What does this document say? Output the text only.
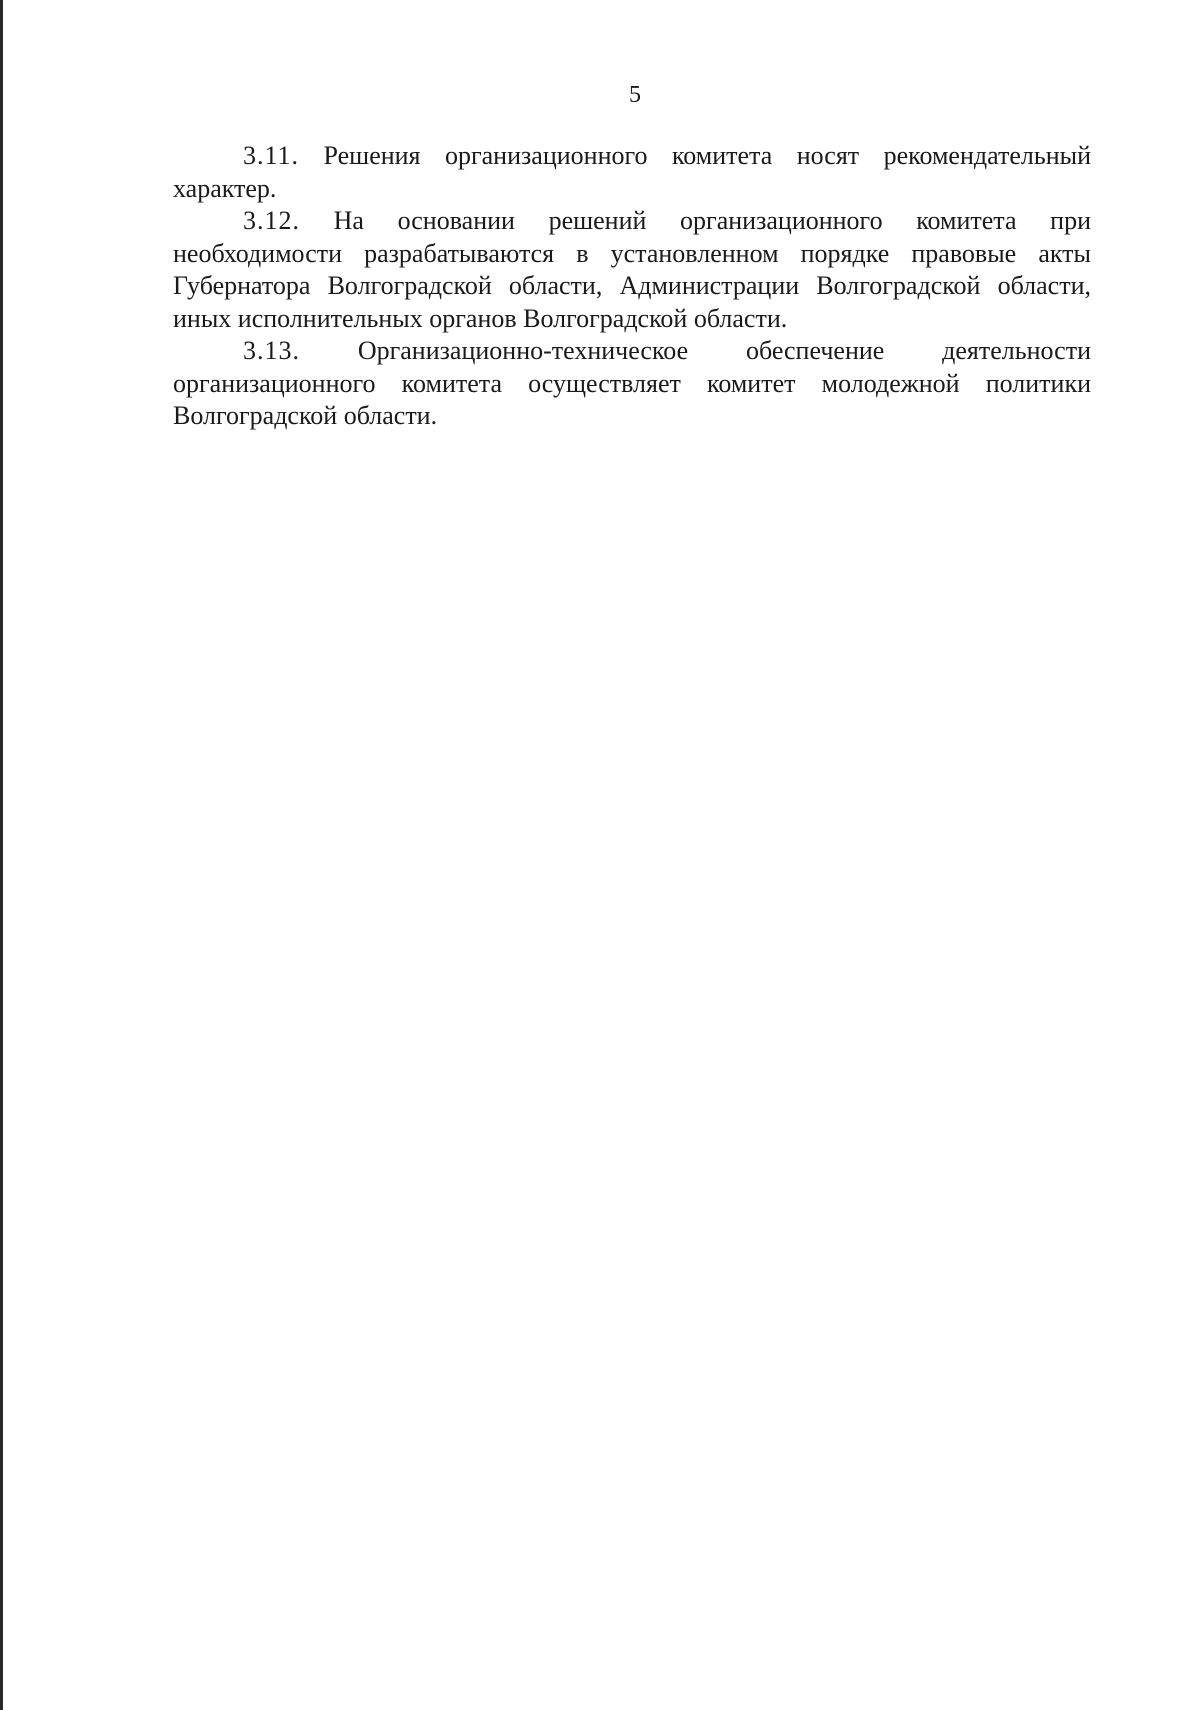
5

3.11. Решения организационного комитета носят рекомендательный характер.

3.12. На основании решений организационного комитета при необходимости разрабатываются в установленном порядке правовые акты Губернатора Волгоградской области, Администрации Волгоградской области, иных исполнительных органов Волгоградской области.

3.13. Организационно-техническое обеспечение деятельности организационного комитета осуществляет комитет молодежной политики Волгоградской области.
